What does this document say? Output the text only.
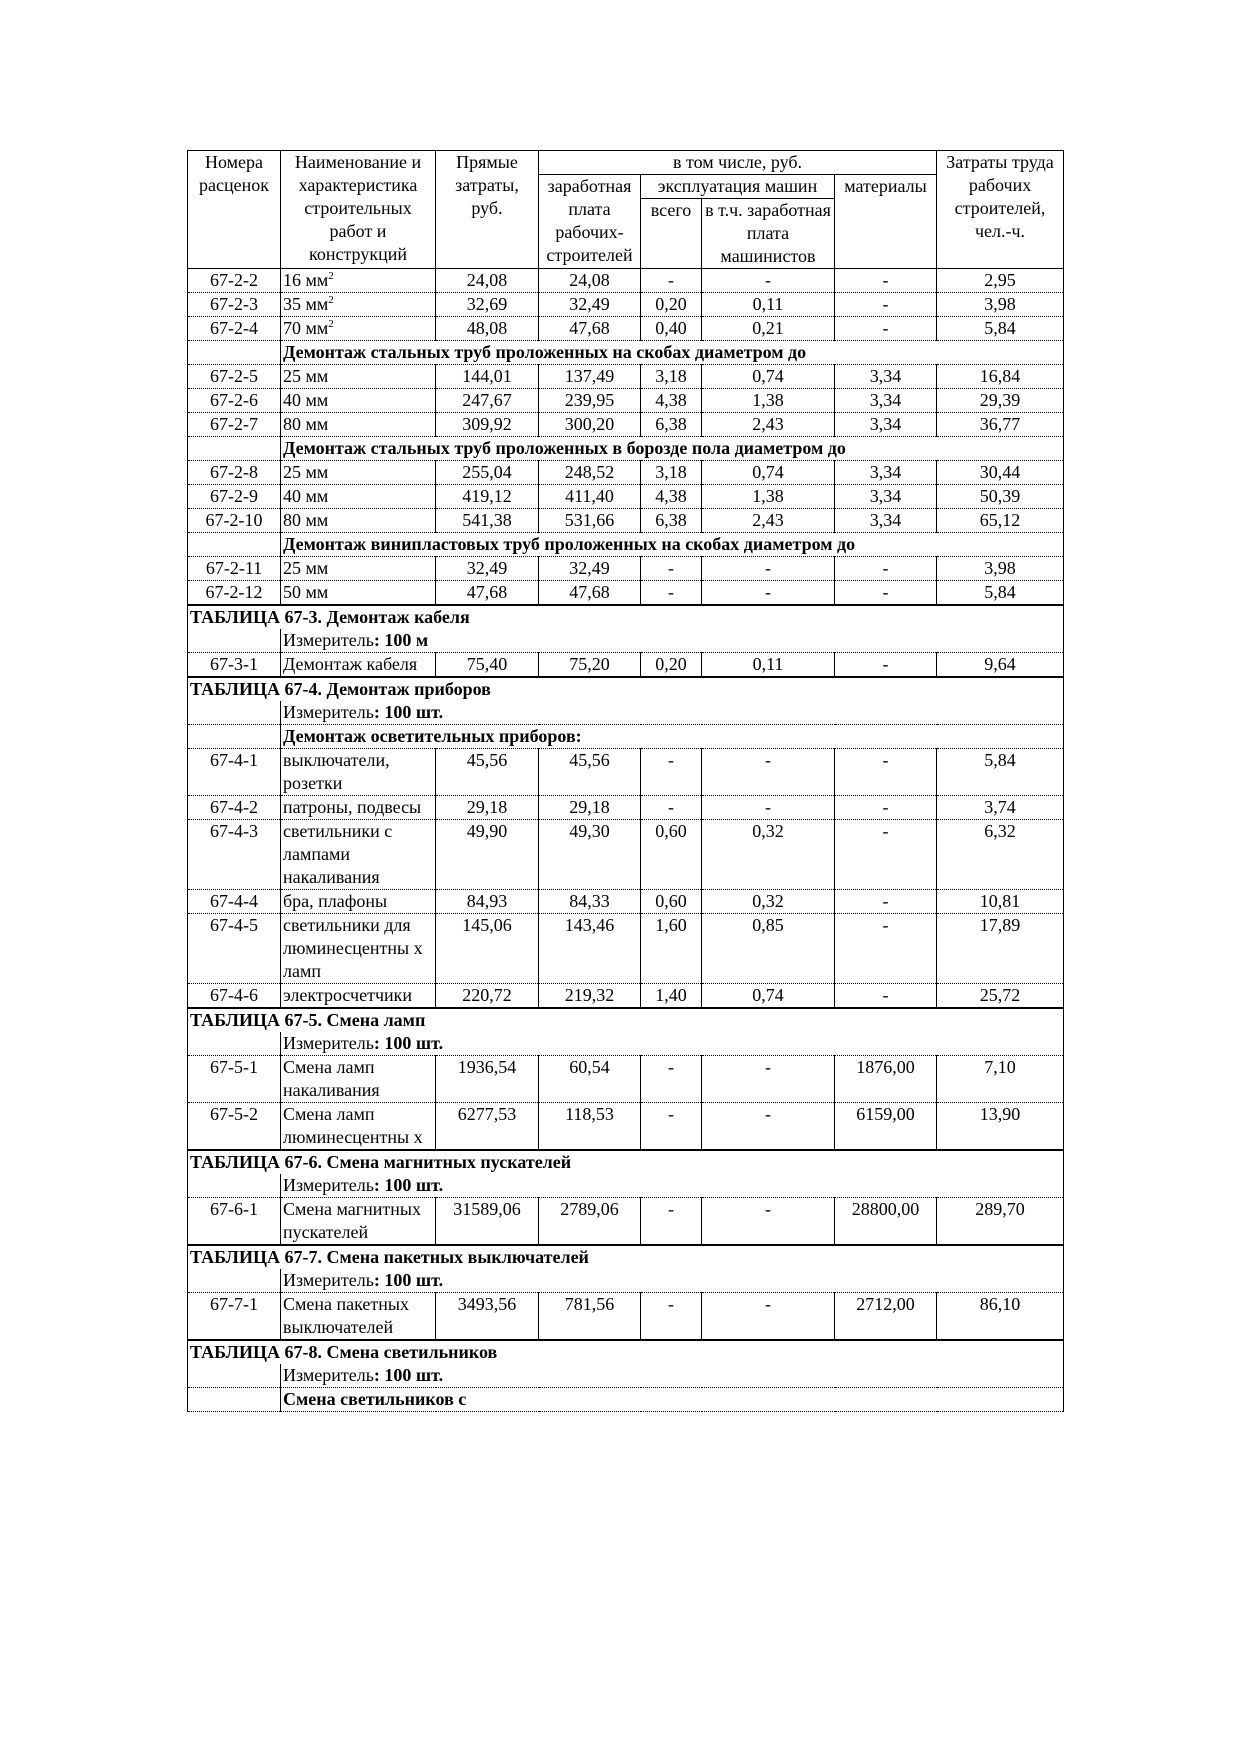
Номера расценок	Наименование и характеристика строительных работ и конструкций	Прямые затраты, руб.	в том числе, руб.				Затраты труда рабочих строителей, чел.-ч.
			заработная плата рабочих-строителей	эксплуатация машин		материалы	
				всего	в т.ч. заработная плата машинистов		
67-2-2	16 $мм^2$	24,08	24,08	-	-	-	2,95
67-2-3	35 $мм^2$	32,69	32,49	0,20	0,11	-	3,98
67-2-4	70 $мм^2$	48,08	47,68	0,40	0,21	-	5,84
	Демонтаж стальных труб проложенных на скобах диаметром до						
67-2-5	25 мм	144,01	137,49	3,18	0,74	3,34	16,84
67-2-6	40 мм	247,67	239,95	4,38	1,38	3,34	29,39
67-2-7	80 мм	309,92	300,20	6,38	2,43	3,34	36,77
	Демонтаж стальных труб проложенных в борозде пола диаметром до						
67-2-8	25 мм	255,04	248,52	3,18	0,74	3,34	30,44
67-2-9	40 мм	419,12	411,40	4,38	1,38	3,34	50,39
67-2-10	80 мм	541,38	531,66	6,38	2,43	3,34	65,12
	Демонтаж винипластовых труб проложенных на скобах диаметром до						
67-2-11	25 мм	32,49	32,49	-	-	-	3,98
67-2-12	50 мм	47,68	47,68	-	-	-	5,84
ТАБЛИЦА 67-3. Демонтаж кабеля							
	Измеритель: 100 м						
67-3-1	Демонтаж кабеля	75,40	75,20	0,20	0,11	-	9,64
ТАБЛИЦА 67-4. Демонтаж приборов							
	Измеритель: 100 шт.						
	Демонтаж осветительных приборов:						
67-4-1	выключатели, розетки	45,56	45,56	-	-	-	5,84
67-4-2	патроны, подвесы	29,18	29,18	-	-	-	3,74
67-4-3	светильники с лампами накаливания	49,90	49,30	0,60	0,32	-	6,32
67-4-4	бра, плафоны	84,93	84,33	0,60	0,32	-	10,81
67-4-5	светильники для люминесцентны х ламп	145,06	143,46	1,60	0,85	-	17,89
67-4-6	электросчетчики	220,72	219,32	1,40	0,74	-	25,72
ТАБЛИЦА 67-5. Смена ламп							
	Измеритель: 100 шт.						
67-5-1	Смена ламп накаливания	1936,54	60,54	-	-	1876,00	7,10
67-5-2	Смена ламп люминесцентны х	6277,53	118,53	-	-	6159,00	13,90
ТАБЛИЦА 67-6. Смена магнитных пускателей							
	Измеритель: 100 шт.						
67-6-1	Смена магнитных пускателей	31589,06	2789,06	-	-	28800,00	289,70
ТАБЛИЦА 67-7. Смена пакетных выключателей							
	Измеритель: 100 шт.						
67-7-1	Смена пакетных выключателей	3493,56	781,56	-	-	2712,00	86,10
ТАБЛИЦА 67-8. Смена светильников							
	Измеритель: 100 шт.						
	Смена светильников с						
